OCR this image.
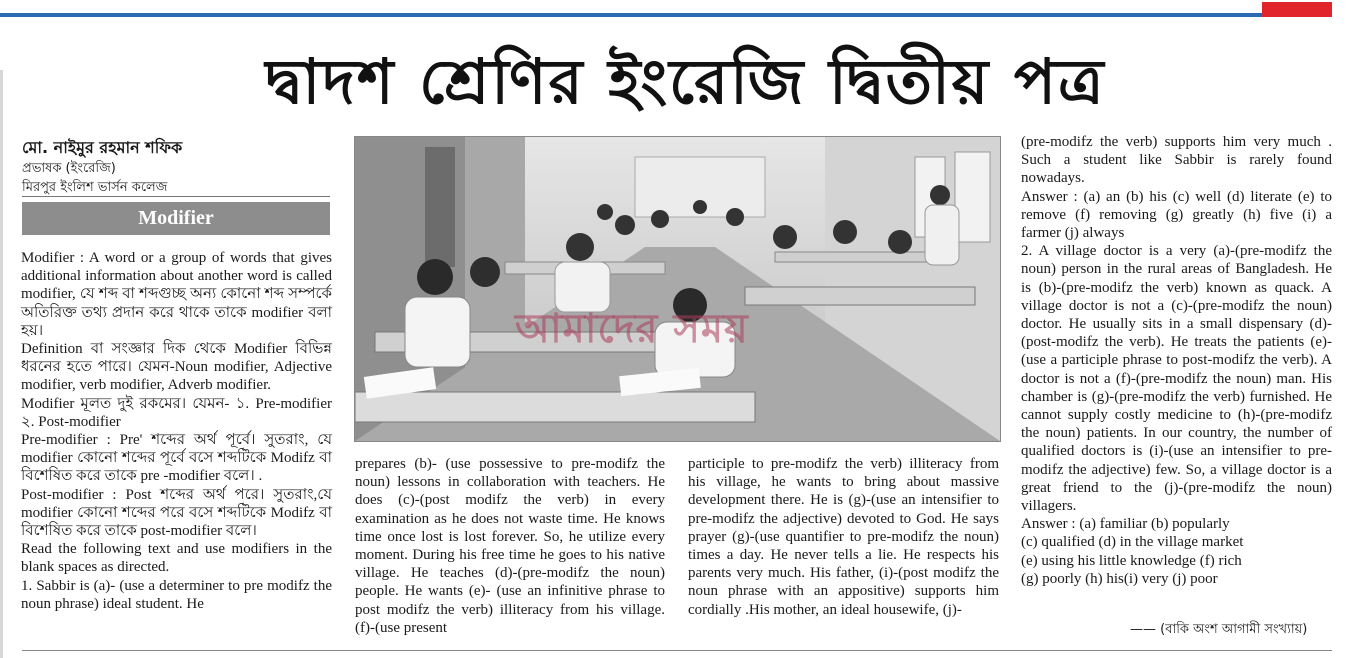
দ্বাদশ শ্রেণির ইংরেজি দ্বিতীয় পত্র
মো. নাইমুর রহমান শফিক
প্রভাষক (ইংরেজি)
মিরপুর ইংলিশ ভার্সন কলেজ
Modifier

Modifier : A word or a group of words that gives additional information about another word is called modifier, যে শব্দ বা শব্দগুচ্ছ অন্য কোনো শব্দ সম্পর্কে অতিরিক্ত তথ্য প্রদান করে থাকে তাকে modifier বলা হয়।

Definition বা সংজ্ঞার দিক থেকে Modifier বিভিন্ন ধরনের হতে পারে। যেমন-Noun modifier, Adjective modifier, verb modifier, Adverb modifier.

Modifier মূলত দুই রকমের। যেমন- ১. Pre-modifier ২. Post-modifier

Pre-modifier : Pre' শব্দের অর্থ পূর্বে। সুতরাং, যে modifier কোনো শব্দের পূর্বে বসে শব্দটিকে Modifz বা বিশেষিত করে তাকে pre -modifier বলে। .

Post-modifier : Post শব্দের অর্থ পরে। সুতরাং,যে modifier কোনো শব্দের পরে বসে শব্দটিকে Modifz বা বিশেষিত করে তাকে post-modifier বলে।

Read the following text and use modifiers in the blank spaces as directed.

1. Sabbir is (a)- (use a determiner to pre modifz the noun phrase) ideal student. He

আমাদের সময়

prepares (b)- (use possessive to pre-modifz the noun) lessons in collaboration with teachers. He does (c)-(post modifz the verb) in every examination as he does not waste time. He knows time once lost is lost forever. So, he utilize every moment. During his free time he goes to his native village. He teaches (d)-(pre-modifz the noun) people. He wants (e)- (use an infinitive phrase to post modifz the verb) illiteracy from his village. (f)-(use present

participle to pre-modifz the verb) illiteracy from his village, he wants to bring about massive development there. He is (g)-(use an intensifier to pre-modifz the adjective) devoted to God. He says prayer (g)-(use quantifier to pre-modifz the noun) times a day. He never tells a lie. He respects his parents very much. His father, (i)-(post modifz the noun phrase with an appositive) supports him cordially .His mother, an ideal housewife, (j)-

(pre-modifz the verb) supports him very much . Such a student like Sabbir is rarely found nowadays.

Answer : (a) an (b) his (c) well (d) literate (e) to remove (f) removing (g) greatly (h) five (i) a farmer (j) always

2. A village doctor is a very (a)-(pre-modifz the noun) person in the rural areas of Bangladesh. He is (b)-(pre-modifz the verb) known as quack. A village doctor is not a (c)-(pre-modifz the noun) doctor. He usually sits in a small dispensary (d)-(post-modifz the verb). He treats the patients (e)-(use a participle phrase to post-modifz the verb). A doctor is not a (f)-(pre-modifz the noun) man. His chamber is (g)-(pre-modifz the verb) furnished. He cannot supply costly medicine to (h)-(pre-modifz the noun) patients. In our country, the number of qualified doctors is (i)-(use an intensifier to pre-modifz the adjective) few. So, a village doctor is a great friend to the (j)-(pre-modifz the noun) villagers.

Answer : (a) familiar (b) popularly

(c) qualified (d) in the village market

(e) using his little knowledge (f) rich

(g) poorly (h) his(i) very (j) poor

—— (বাকি অংশ আগামী সংখ্যায়)
